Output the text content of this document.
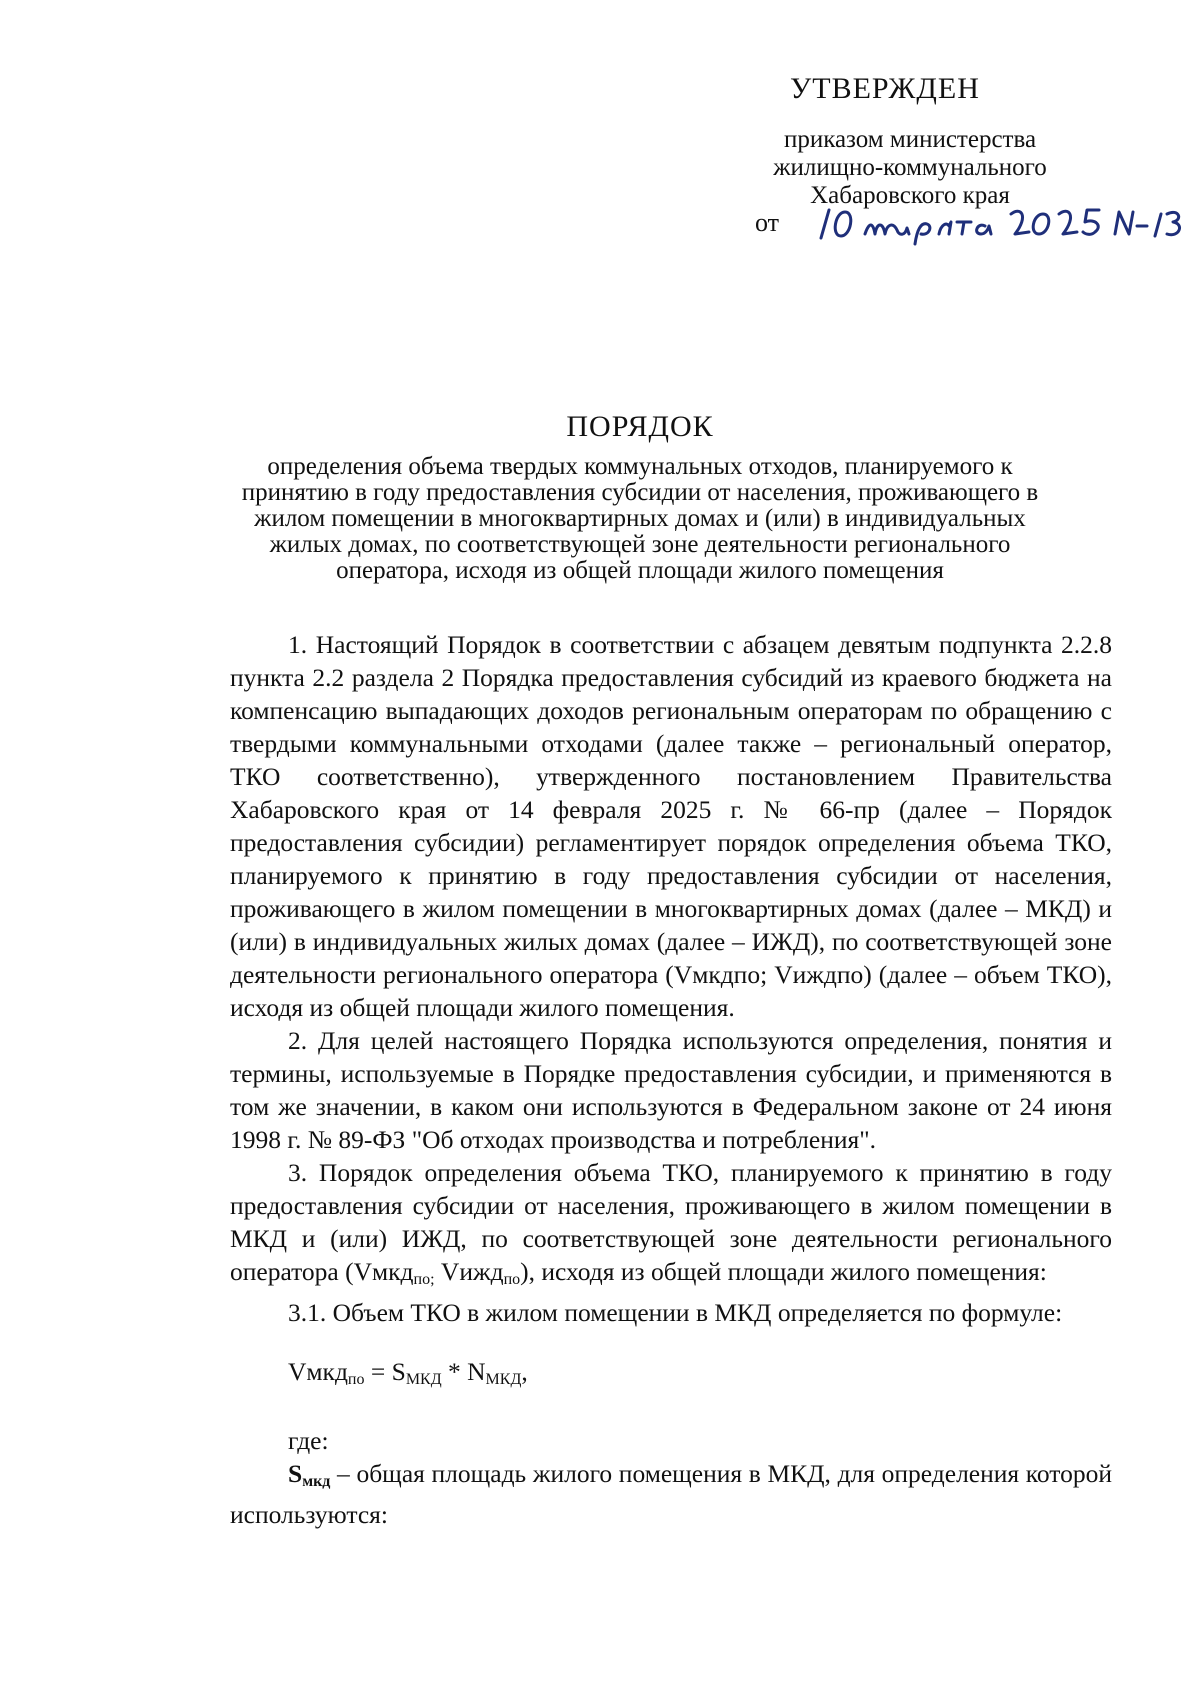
УТВЕРЖДЕН
приказом министерства
жилищно-коммунального
Хабаровского края
от
ПОРЯДОК
определения объема твердых коммунальных отходов, планируемого к
принятию в году предоставления субсидии от населения, проживающего в
жилом помещении в многоквартирных домах и (или) в индивидуальных
жилых домах, по соответствующей зоне деятельности регионального
оператора, исходя из общей площади жилого помещения

1. Настоящий Порядок в соответствии с абзацем девятым подпункта 2.2.8 пункта 2.2 раздела 2 Порядка предоставления субсидий из краевого бюджета на компенсацию выпадающих доходов региональным операторам по обращению с твердыми коммунальными отходами (далее также – региональный оператор, ТКО соответственно), утвержденного постановлением Правительства Хабаровского края от 14 февраля 2025 г. № 66-пр (далее – Порядок предоставления субсидии) регламентирует порядок определения объема ТКО, планируемого к принятию в году предоставления субсидии от населения, проживающего в жилом помещении в многоквартирных домах (далее – МКД) и (или) в индивидуальных жилых домах (далее – ИЖД), по соответствующей зоне деятельности регионального оператора (Vмкдпо; Vиждпо) (далее – объем ТКО), исходя из общей площади жилого помещения.

2. Для целей настоящего Порядка используются определения, понятия и термины, используемые в Порядке предоставления субсидии, и применяются в том же значении, в каком они используются в Федеральном законе от 24 июня 1998 г. № 89-ФЗ "Об отходах производства и потребления".

3. Порядок определения объема ТКО, планируемого к принятию в году предоставления субсидии от населения, проживающего в жилом помещении в МКД и (или) ИЖД, по соответствующей зоне деятельности регионального оператора (Vмкд$_{по;}$ Vижд$_{по}$), исходя из общей площади жилого помещения:

3.1. Объем ТКО в жилом помещении в МКД определяется по формуле:

Vмкд$_{по}$ = $S_{МКД} * N_{МКД}$,
где:

$S_{мкд}$ – общая площадь жилого помещения в МКД, для определения которой используются:
